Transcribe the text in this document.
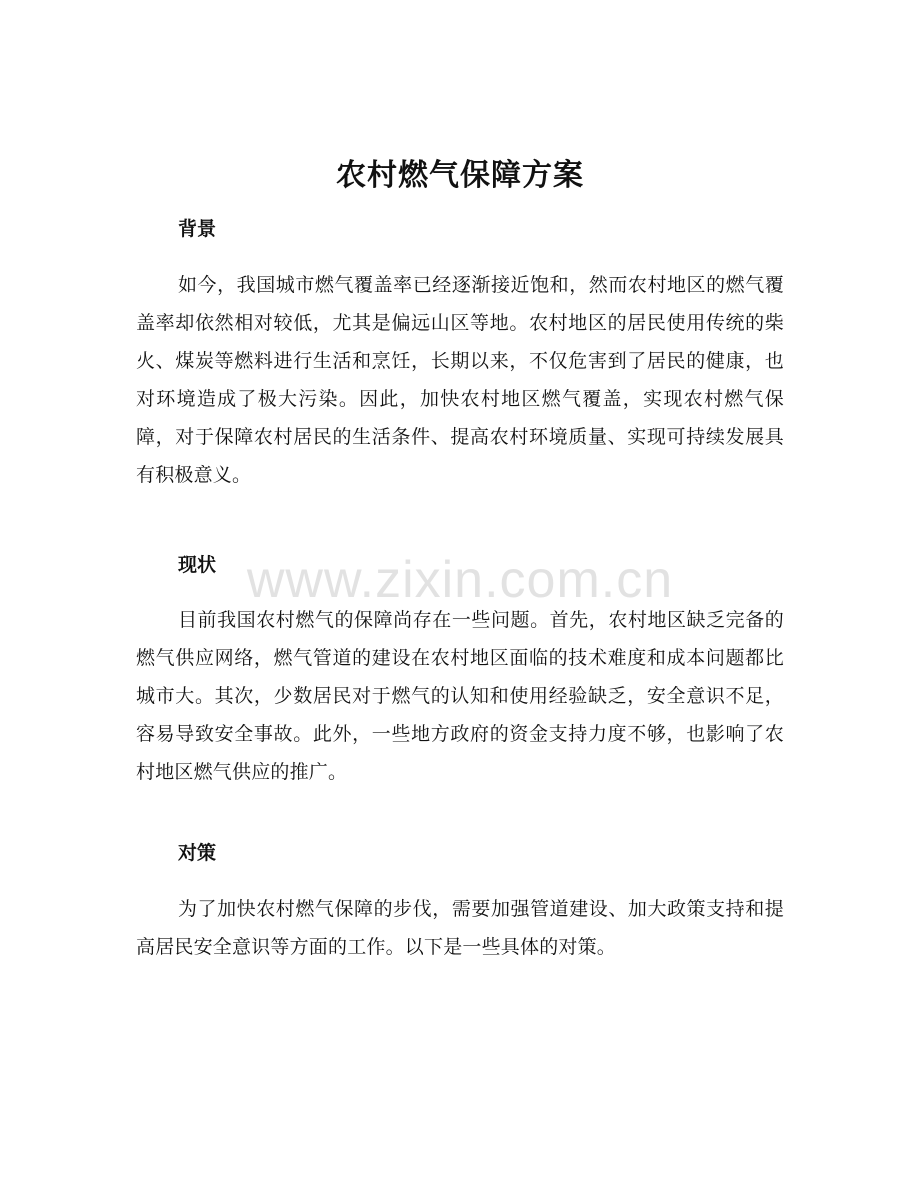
农村燃气保障方案
背景

如今，我国城市燃气覆盖率已经逐渐接近饱和，然而农村地区的燃气覆盖率却依然相对较低，尤其是偏远山区等地。农村地区的居民使用传统的柴火、煤炭等燃料进行生活和烹饪，长期以来，不仅危害到了居民的健康，也对环境造成了极大污染。因此，加快农村地区燃气覆盖，实现农村燃气保障，对于保障农村居民的生活条件、提高农村环境质量、实现可持续发展具有积极意义。

现状

目前我国农村燃气的保障尚存在一些问题。首先，农村地区缺乏完备的燃气供应网络，燃气管道的建设在农村地区面临的技术难度和成本问题都比城市大。其次，少数居民对于燃气的认知和使用经验缺乏，安全意识不足，容易导致安全事故。此外，一些地方政府的资金支持力度不够，也影响了农村地区燃气供应的推广。

对策

为了加快农村燃气保障的步伐，需要加强管道建设、加大政策支持和提高居民安全意识等方面的工作。以下是一些具体的对策。

www.zixin.com.cn
